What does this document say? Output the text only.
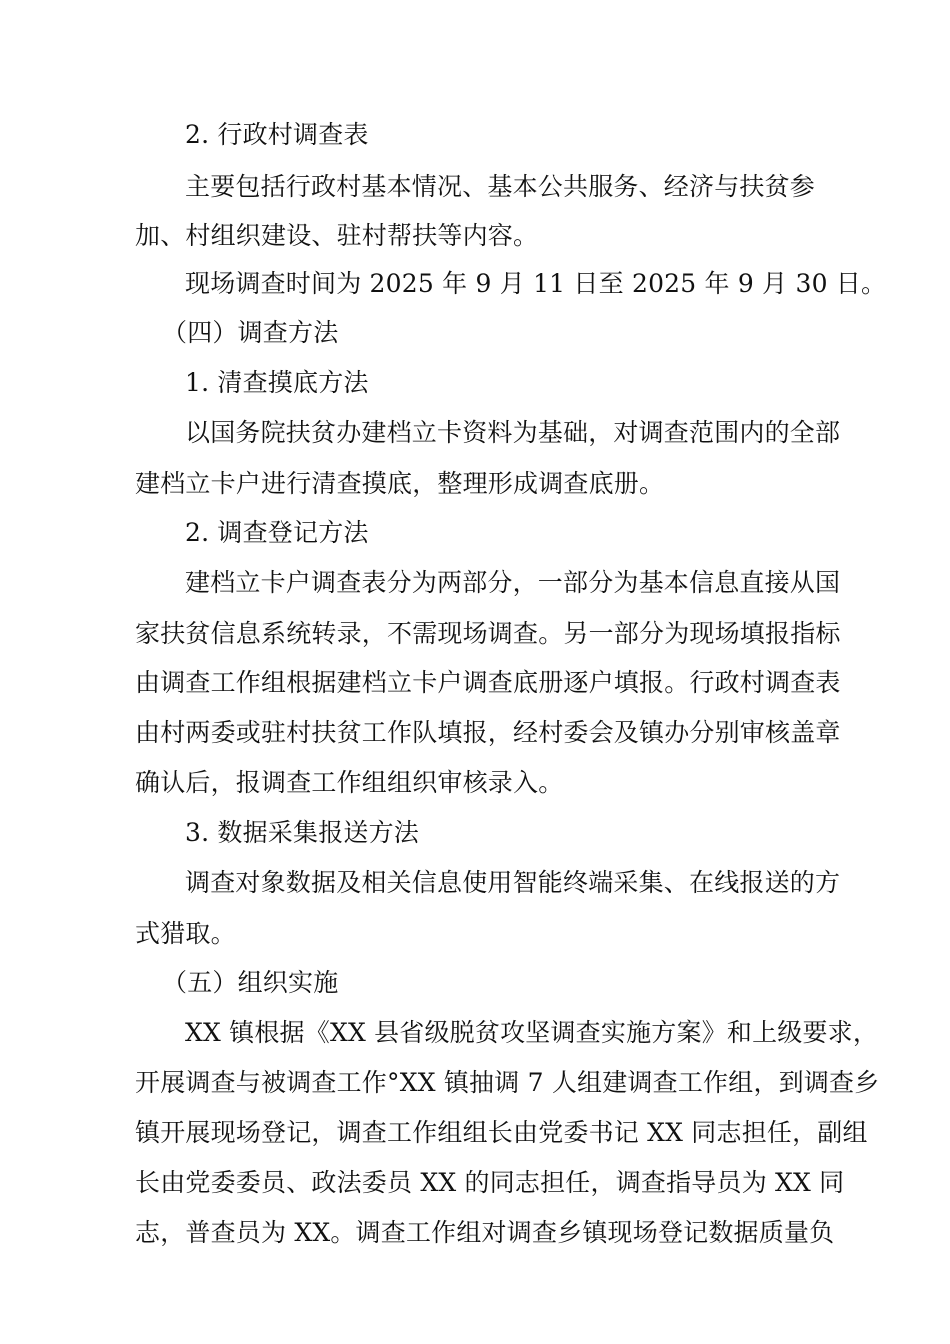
2. 行政村调查表
主要包括行政村基本情况、基本公共服务、经济与扶贫参
加、村组织建设、驻村帮扶等内容。
现场调查时间为 2025 年 9 月 11 日至 2025 年 9 月 30 日。
（四）调查方法
1. 清查摸底方法
以国务院扶贫办建档立卡资料为基础，对调查范围内的全部
建档立卡户进行清查摸底，整理形成调查底册。
2. 调查登记方法
建档立卡户调查表分为两部分，一部分为基本信息直接从国
家扶贫信息系统转录，不需现场调查。另一部分为现场填报指标
由调查工作组根据建档立卡户调查底册逐户填报。行政村调查表
由村两委或驻村扶贫工作队填报，经村委会及镇办分别审核盖章
确认后，报调查工作组组织审核录入。
3. 数据采集报送方法
调查对象数据及相关信息使用智能终端采集、在线报送的方
式猎取。
（五）组织实施
XX 镇根据《XX 县省级脱贫攻坚调查实施方案》和上级要求，
开展调查与被调查工作°XX 镇抽调 7 人组建调查工作组，到调查乡
镇开展现场登记，调查工作组组长由党委书记 XX 同志担任，副组
长由党委委员、政法委员 XX 的同志担任，调查指导员为 XX 同
志，普查员为 XX。调查工作组对调查乡镇现场登记数据质量负
